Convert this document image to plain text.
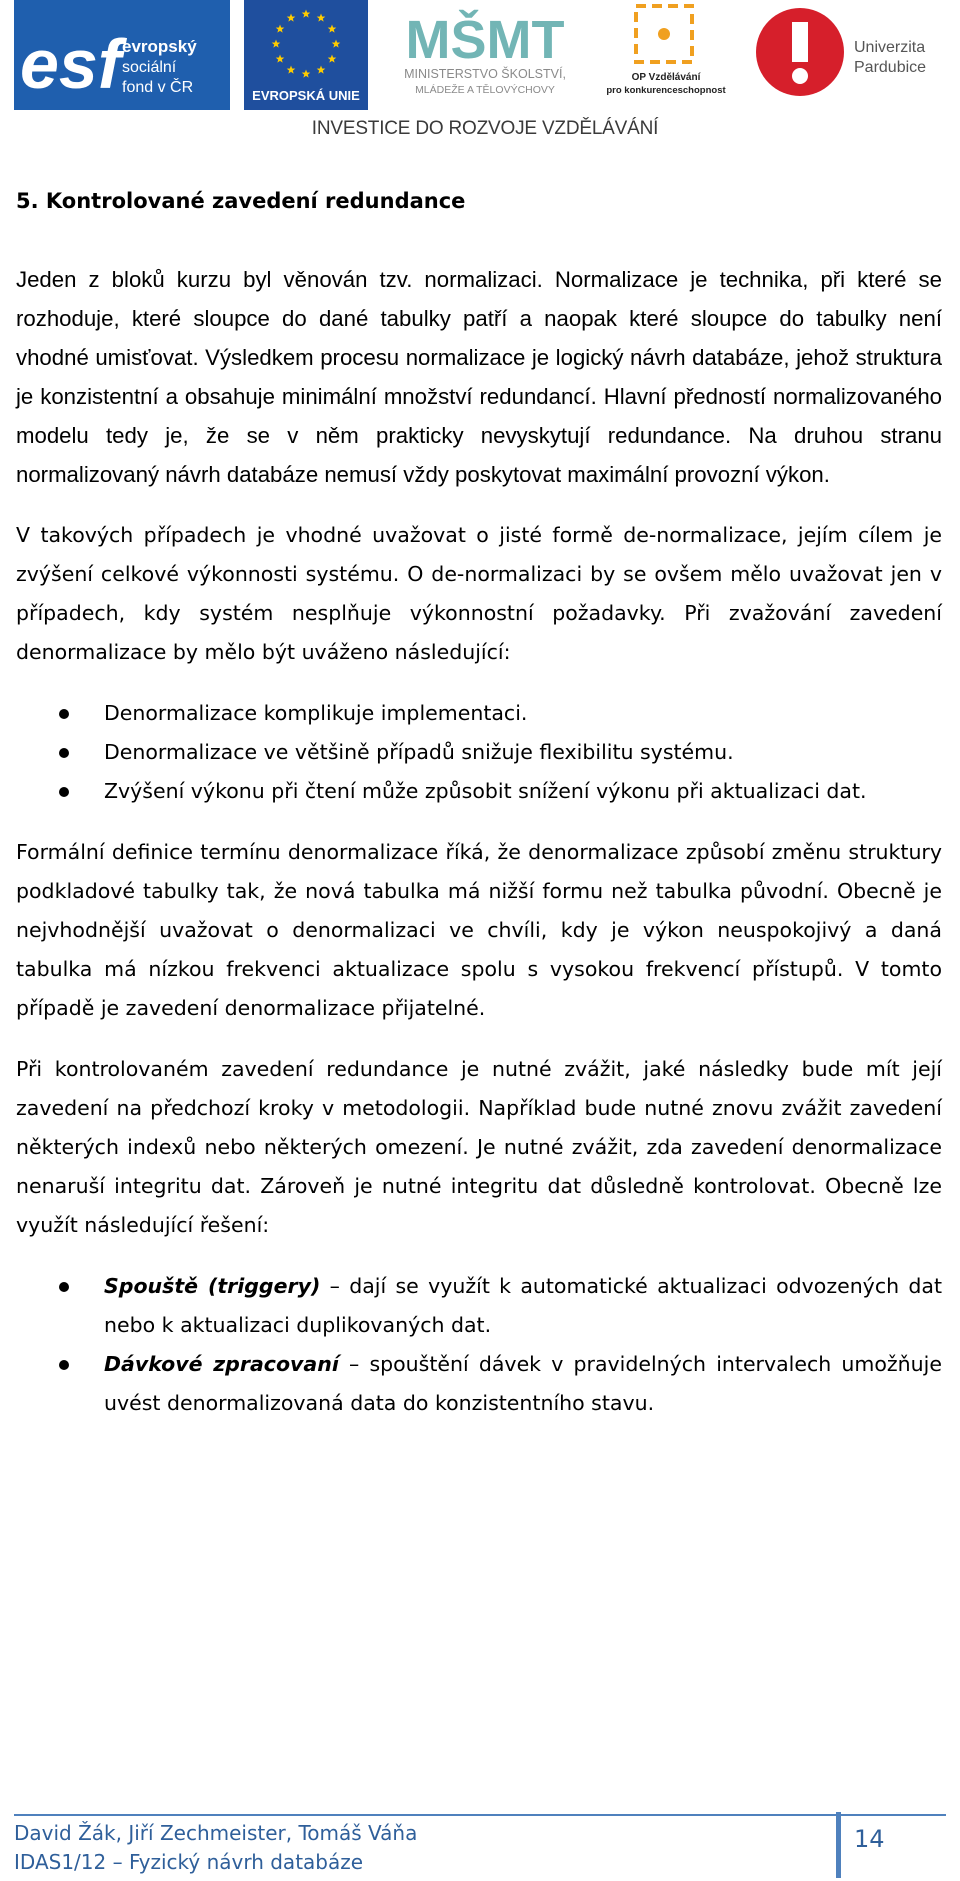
esf evropský
sociální
fond v ČR	EVROPSKÁ UNIE
MŠMT
MINISTERSTVO ŠKOLSTVÍ,
MLÁDEŽE A TĚLOVÝCHOVY
OP Vzdělávání
pro konkurenceschopnost
Univerzita
Pardubice
INVESTICE DO ROZVOJE VZDĚLÁVÁNÍ
5. Kontrolované zavedení redundance

Jeden z bloků kurzu byl věnován tzv. normalizaci. Normalizace je technika, při které se rozhoduje, které sloupce do dané tabulky patří a naopak které sloupce do tabulky není vhodné umisťovat. Výsledkem procesu normalizace je logický návrh databáze, jehož struktura je konzistentní a obsahuje minimální množství redundancí. Hlavní předností normalizovaného modelu tedy je, že se v něm prakticky nevyskytují redundance. Na druhou stranu normalizovaný návrh databáze nemusí vždy poskytovat maximální provozní výkon.

V takových případech je vhodné uvažovat o jisté formě de-normalizace, jejím cílem je zvýšení celkové výkonnosti systému. O de-normalizaci by se ovšem mělo uvažovat jen v případech, kdy systém nesplňuje výkonnostní požadavky. Při zvažování zavedení denormalizace by mělo být uváženo následující:

Denormalizace komplikuje implementaci.
Denormalizace ve většině případů snižuje flexibilitu systému.
Zvýšení výkonu při čtení může způsobit snížení výkonu při aktualizaci dat.

Formální definice termínu denormalizace říká, že denormalizace způsobí změnu struktury podkladové tabulky tak, že nová tabulka má nižší formu než tabulka původní. Obecně je nejvhodnější uvažovat o denormalizaci ve chvíli, kdy je výkon neuspokojivý a daná tabulka má nízkou frekvenci aktualizace spolu s vysokou frekvencí přístupů. V tomto případě je zavedení denormalizace přijatelné.

Při kontrolovaném zavedení redundance je nutné zvážit, jaké následky bude mít její zavedení na předchozí kroky v metodologii. Například bude nutné znovu zvážit zavedení některých indexů nebo některých omezení. Je nutné zvážit, zda zavedení denormalizace nenaruší integritu dat. Zároveň je nutné integritu dat důsledně kontrolovat. Obecně lze využít následující řešení:

Spouště (triggery) – dají se využít k automatické aktualizaci odvozených dat nebo k aktualizaci duplikovaných dat.
Dávkové zpracovaní – spouštění dávek v pravidelných intervalech umožňuje uvést denormalizovaná data do konzistentního stavu.
David Žák, Jiří Zechmeister, Tomáš Váňa
IDAS1/12 – Fyzický návrh databáze
14
